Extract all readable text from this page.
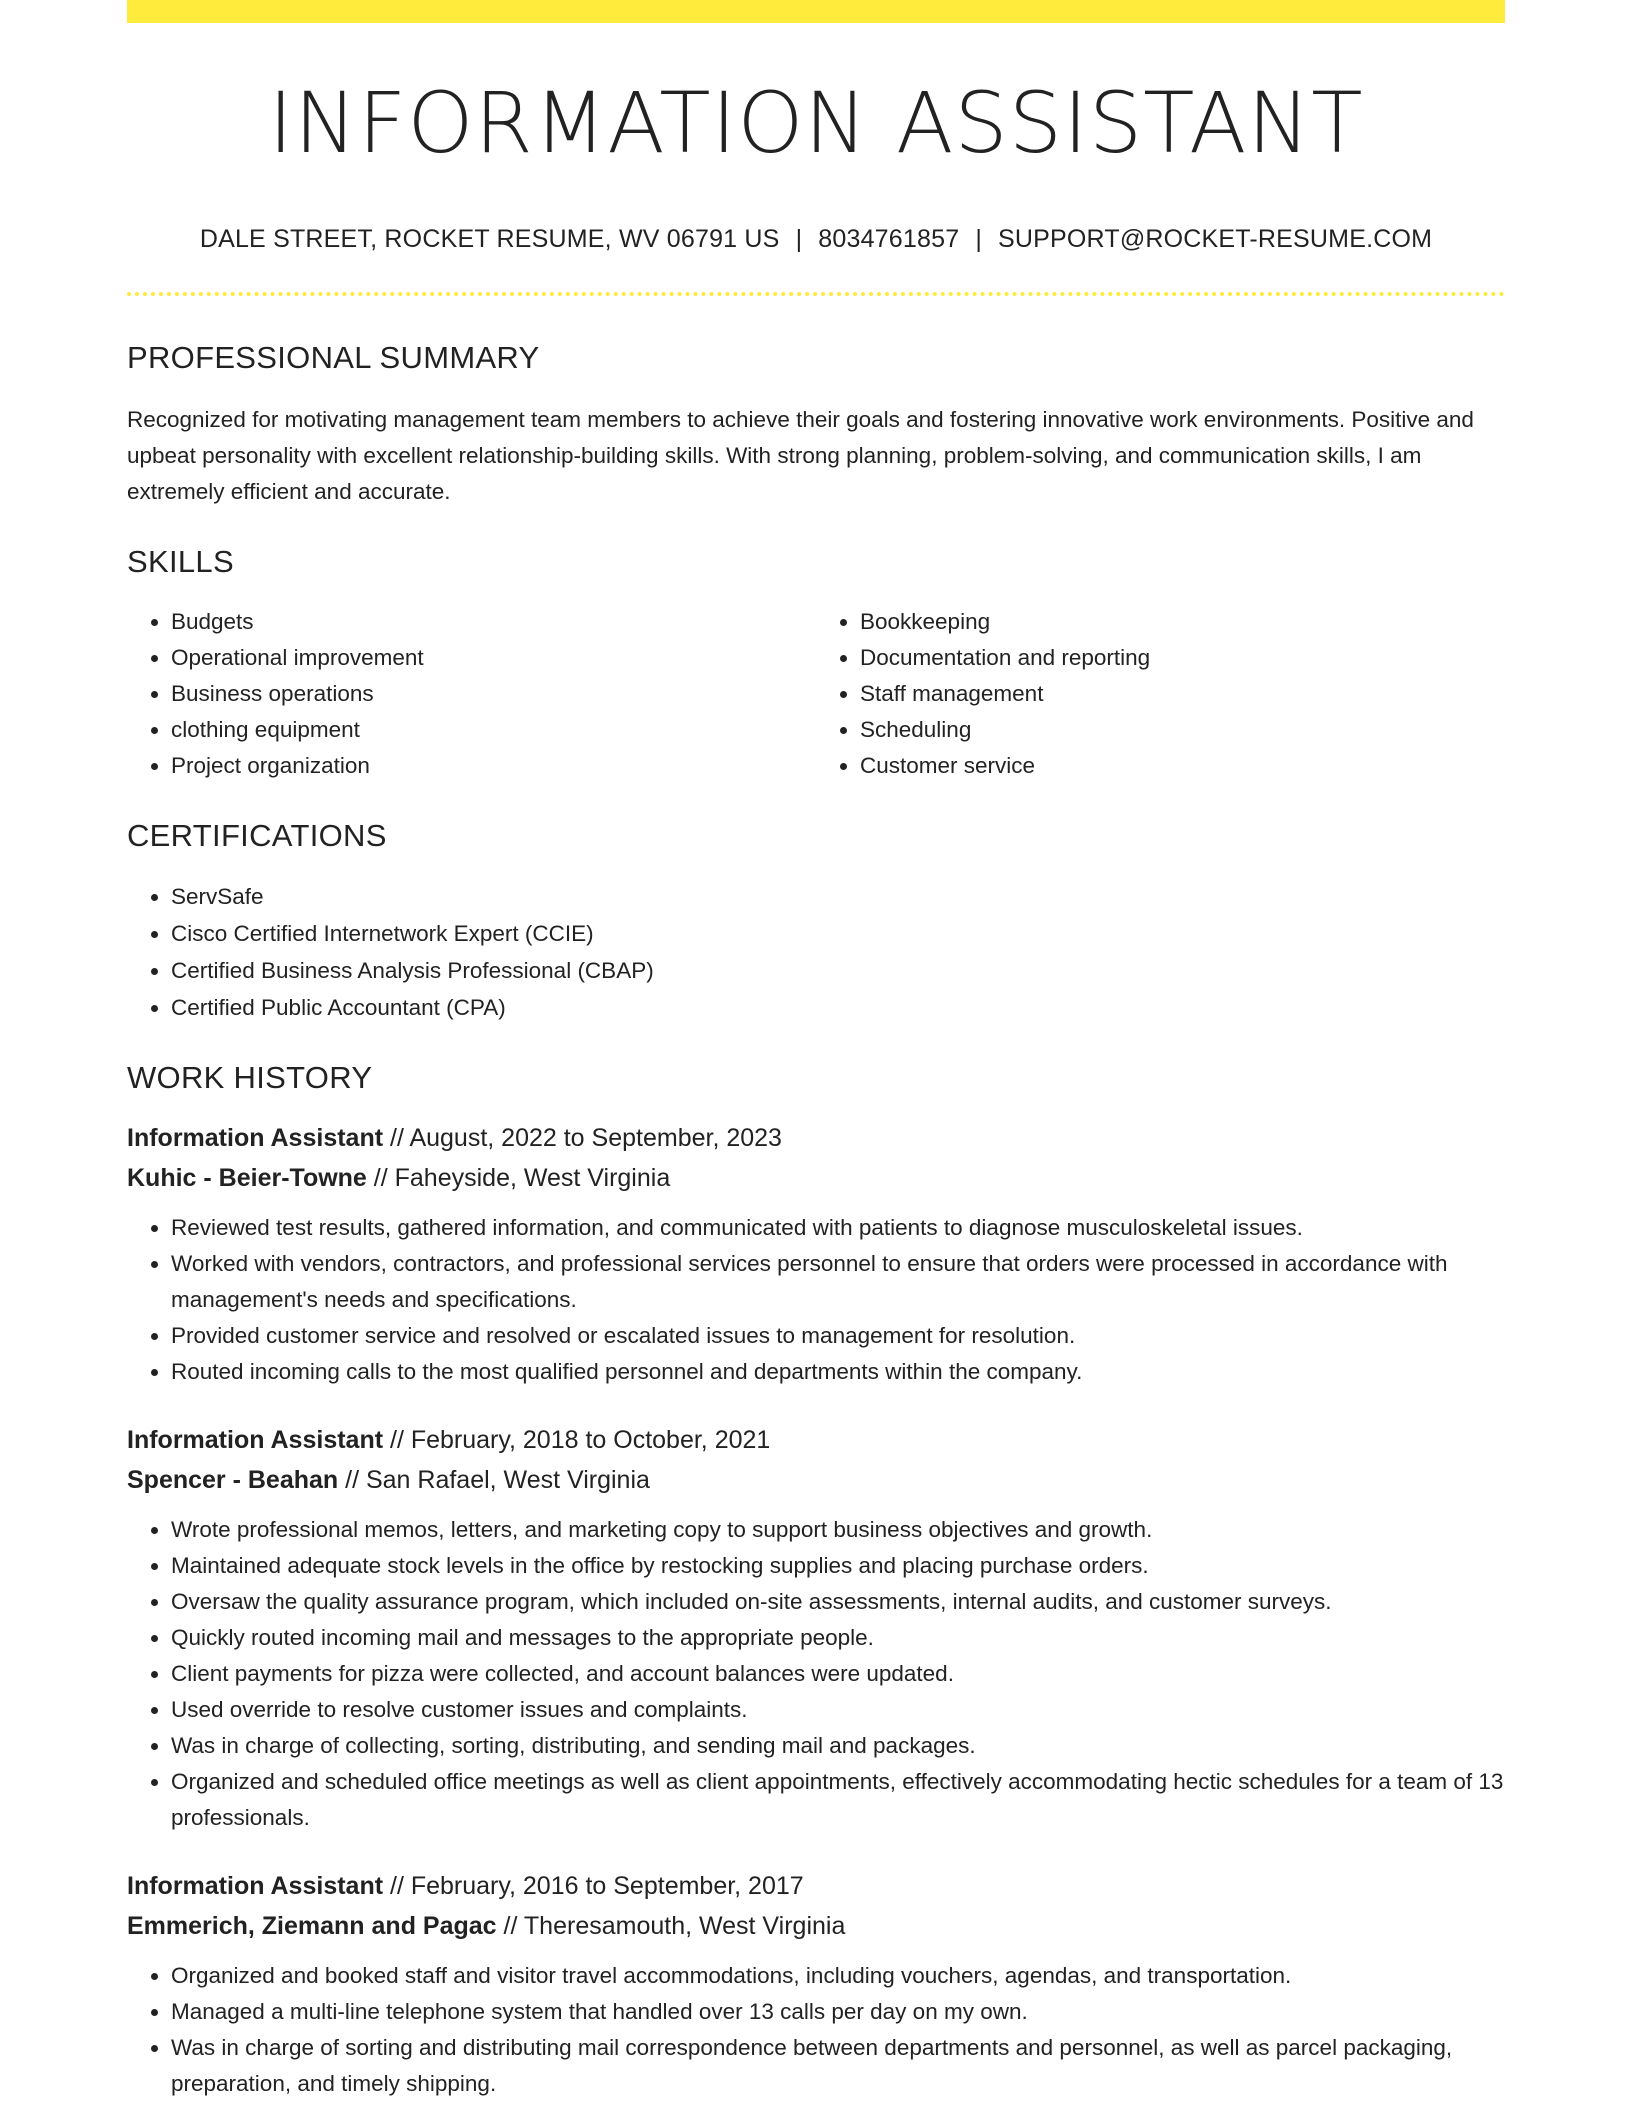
INFORMATION ASSISTANT
DALE STREET, ROCKET RESUME, WV 06791 US | 8034761857 | SUPPORT@ROCKET-RESUME.COM
PROFESSIONAL SUMMARY

Recognized for motivating management team members to achieve their goals and fostering innovative work environments. Positive and upbeat personality with excellent relationship-building skills. With strong planning, problem-solving, and communication skills, I am extremely efficient and accurate.

SKILLS
• Budgets
• Operational improvement
• Business operations
• clothing equipment
• Project organization
• Bookkeeping
• Documentation and reporting
• Staff management
• Scheduling
• Customer service
CERTIFICATIONS
• ServSafe
• Cisco Certified Internetwork Expert (CCIE)
• Certified Business Analysis Professional (CBAP)
• Certified Public Accountant (CPA)
WORK HISTORY
Information Assistant // August, 2022 to September, 2023
Kuhic - Beier-Towne // Faheyside, West Virginia
• Reviewed test results, gathered information, and communicated with patients to diagnose musculoskeletal issues.
• Worked with vendors, contractors, and professional services personnel to ensure that orders were processed in accordance with management's needs and specifications.
• Provided customer service and resolved or escalated issues to management for resolution.
• Routed incoming calls to the most qualified personnel and departments within the company.
Information Assistant // February, 2018 to October, 2021
Spencer - Beahan // San Rafael, West Virginia
• Wrote professional memos, letters, and marketing copy to support business objectives and growth.
• Maintained adequate stock levels in the office by restocking supplies and placing purchase orders.
• Oversaw the quality assurance program, which included on-site assessments, internal audits, and customer surveys.
• Quickly routed incoming mail and messages to the appropriate people.
• Client payments for pizza were collected, and account balances were updated.
• Used override to resolve customer issues and complaints.
• Was in charge of collecting, sorting, distributing, and sending mail and packages.
• Organized and scheduled office meetings as well as client appointments, effectively accommodating hectic schedules for a team of 13 professionals.
Information Assistant // February, 2016 to September, 2017
Emmerich, Ziemann and Pagac // Theresamouth, West Virginia
• Organized and booked staff and visitor travel accommodations, including vouchers, agendas, and transportation.
• Managed a multi-line telephone system that handled over 13 calls per day on my own.
• Was in charge of sorting and distributing mail correspondence between departments and personnel, as well as parcel packaging, preparation, and timely shipping.
